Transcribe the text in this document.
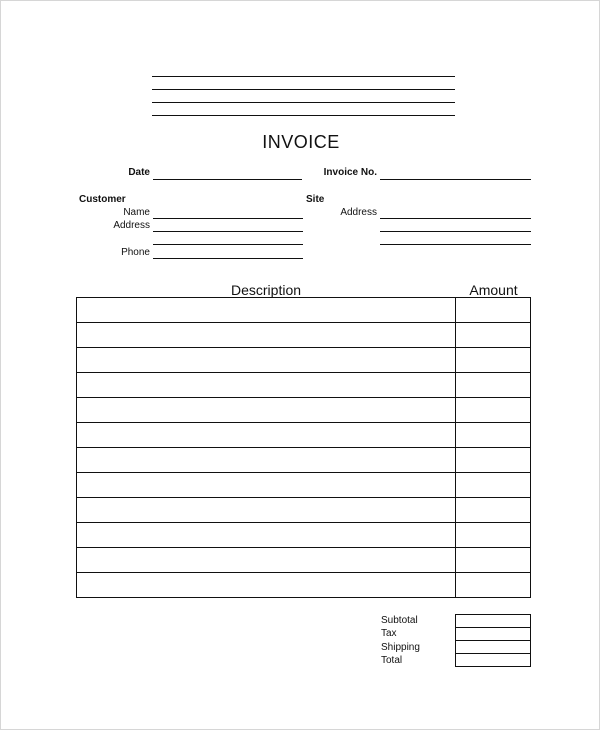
INVOICE
Date	Invoice No.
Customer
Name
Address
Phone
Site
Address
Description	Amount

Subtotal
Tax
Shipping
Total
